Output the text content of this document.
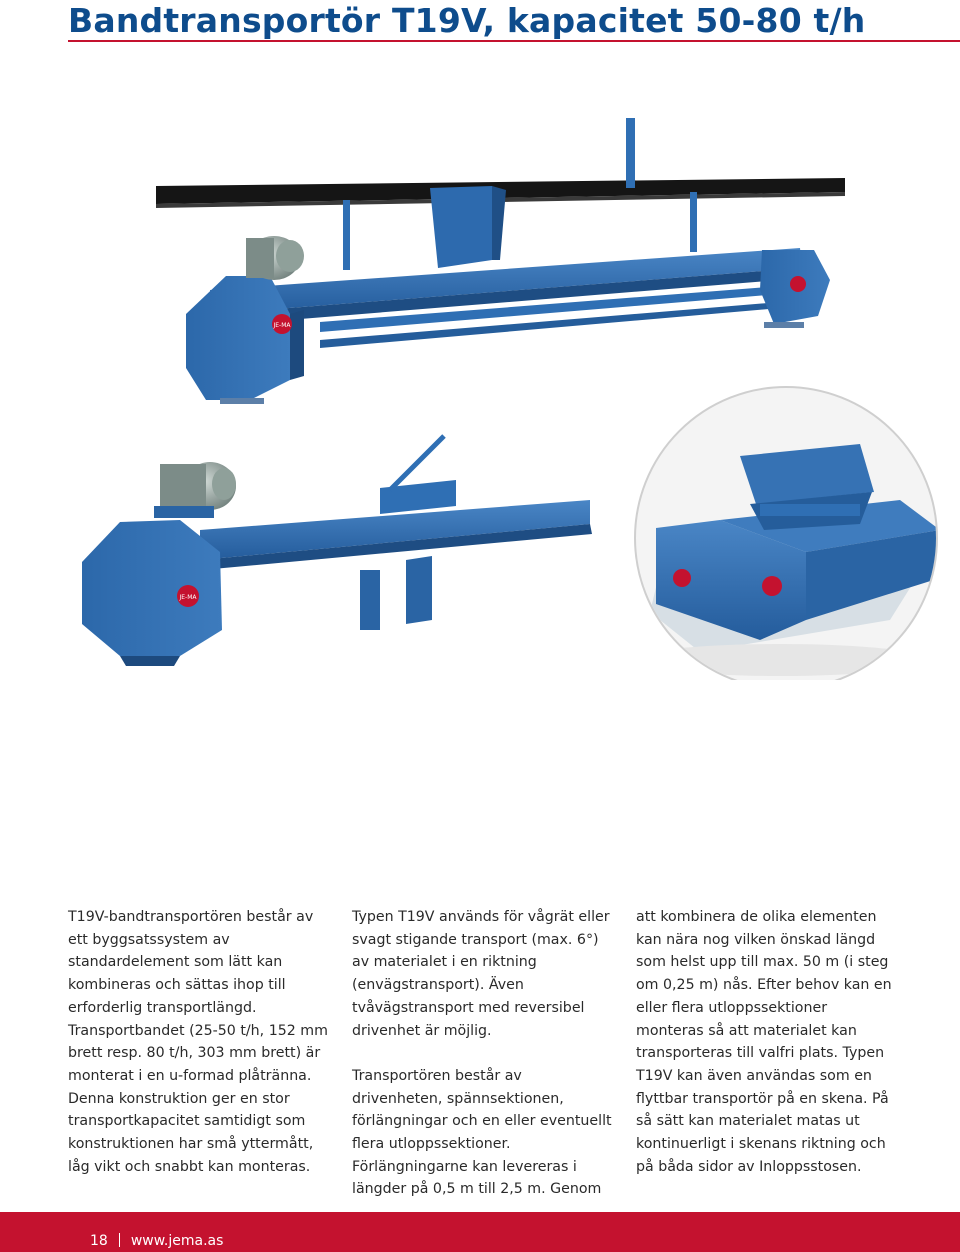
Bandtransportör T19V, kapacitet 50-80 t/h
JE-MA
JE-MA

T19V-bandtransportören består av ett byggsatssystem av standardelement som lätt kan kombineras och sättas ihop till erforderlig transportlängd. Transportbandet (25-50 t/h, 152 mm brett resp. 80 t/h, 303 mm brett) är monterat i en u-formad plåtränna. Denna konstruktion ger en stor transportkapacitet samtidigt som konstruktionen har små yttermått, låg vikt och snabbt kan monteras.

Typen T19V används för vågrät eller svagt stigande transport (max. 6°) av materialet i en riktning (envägstransport). Även tvåvägstransport med reversibel drivenhet är möjlig.

Transportören består av drivenheten, spännsektionen, förlängningar och en eller eventuellt flera utloppssektioner. Förlängningarne kan levereras i längder på 0,5 m till 2,5 m. Genom

att kombinera de olika elementen kan nära nog vilken önskad längd som helst upp till max. 50 m (i steg om 0,25 m) nås. Efter behov kan en eller flera utloppssektioner monteras så att materialet kan transporteras till valfri plats. Typen T19V kan även användas som en flyttbar transportör på en skena. På så sätt kan materialet matas ut kontinuerligt i skenans riktning och på båda sidor av Inloppsstosen.

18 www.jema.as
